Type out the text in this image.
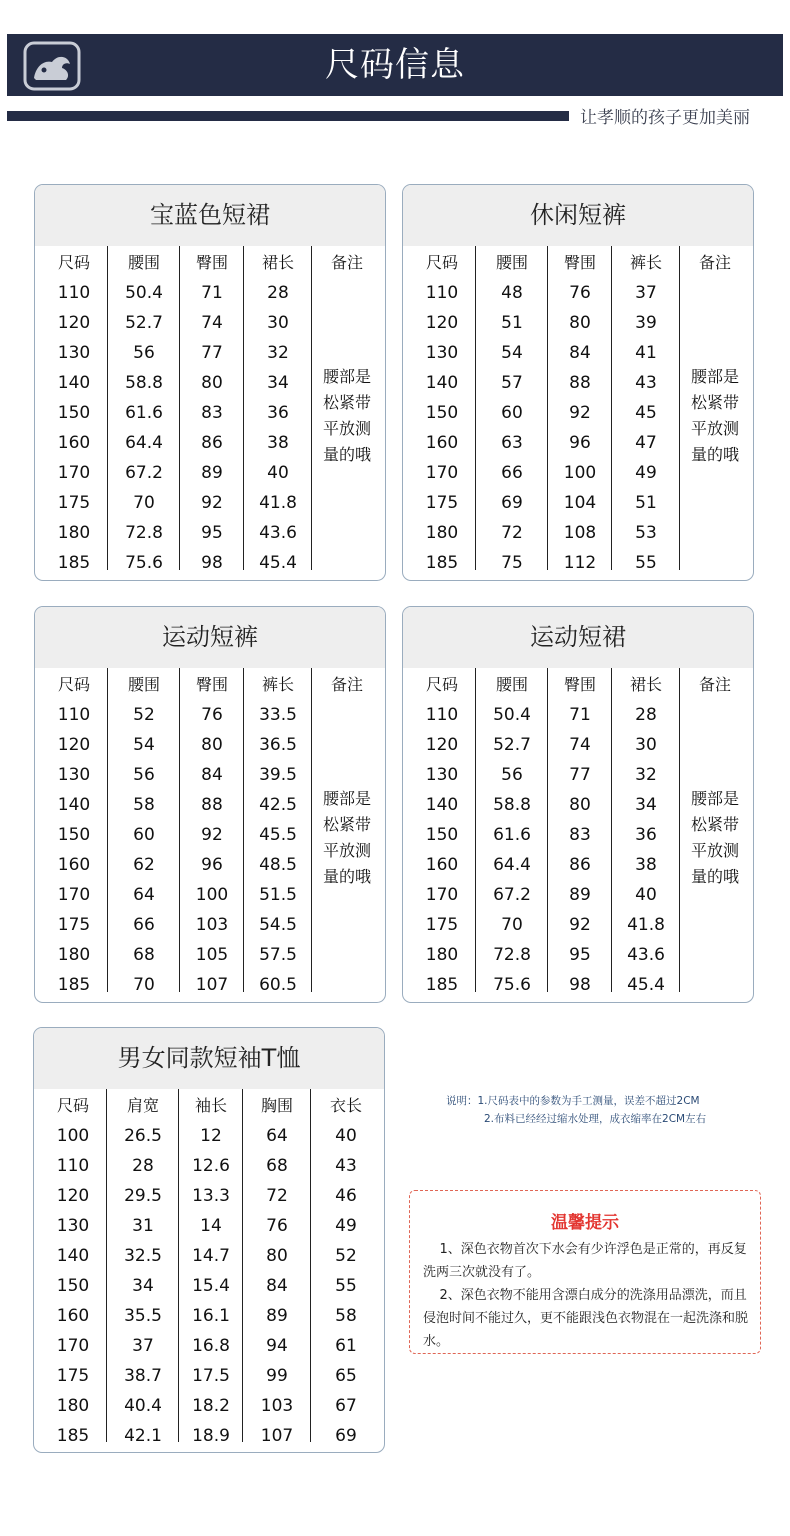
尺码信息
让孝顺的孩子更加美丽
宝蓝色短裙
尺码
110
120
130
140
150
160
170
175
180
185
腰围
50.4
52.7
56
58.8
61.6
64.4
67.2
70
72.8
75.6
臀围
71
74
77
80
83
86
89
92
95
98
裙长
28
30
32
34
36
38
40
41.8
43.6
45.4
备注
腰部是
松紧带
平放测
量的哦
休闲短裤
尺码
110
120
130
140
150
160
170
175
180
185
腰围
48
51
54
57
60
63
66
69
72
75
臀围
76
80
84
88
92
96
100
104
108
112
裤长
37
39
41
43
45
47
49
51
53
55
备注
腰部是
松紧带
平放测
量的哦
运动短裤
尺码
110
120
130
140
150
160
170
175
180
185
腰围
52
54
56
58
60
62
64
66
68
70
臀围
76
80
84
88
92
96
100
103
105
107
裤长
33.5
36.5
39.5
42.5
45.5
48.5
51.5
54.5
57.5
60.5
备注
腰部是
松紧带
平放测
量的哦
运动短裙
尺码
110
120
130
140
150
160
170
175
180
185
腰围
50.4
52.7
56
58.8
61.6
64.4
67.2
70
72.8
75.6
臀围
71
74
77
80
83
86
89
92
95
98
裙长
28
30
32
34
36
38
40
41.8
43.6
45.4
备注
腰部是
松紧带
平放测
量的哦
男女同款短袖T恤
尺码
100
110
120
130
140
150
160
170
175
180
185
肩宽
26.5
28
29.5
31
32.5
34
35.5
37
38.7
40.4
42.1
袖长
12
12.6
13.3
14
14.7
15.4
16.1
16.8
17.5
18.2
18.9
胸围
64
68
72
76
80
84
89
94
99
103
107
衣长
40
43
46
49
52
55
58
61
65
67
69
说明：1.尺码表中的参数为手工测量，误差不超过2CM
2.布料已经经过缩水处理，成衣缩率在2CM左右
温馨提示
1、深色衣物首次下水会有少许浮色是正常的，再反复洗两三次就没有了。
2、深色衣物不能用含漂白成分的洗涤用品漂洗，而且侵泡时间不能过久，更不能跟浅色衣物混在一起洗涤和脱水。
